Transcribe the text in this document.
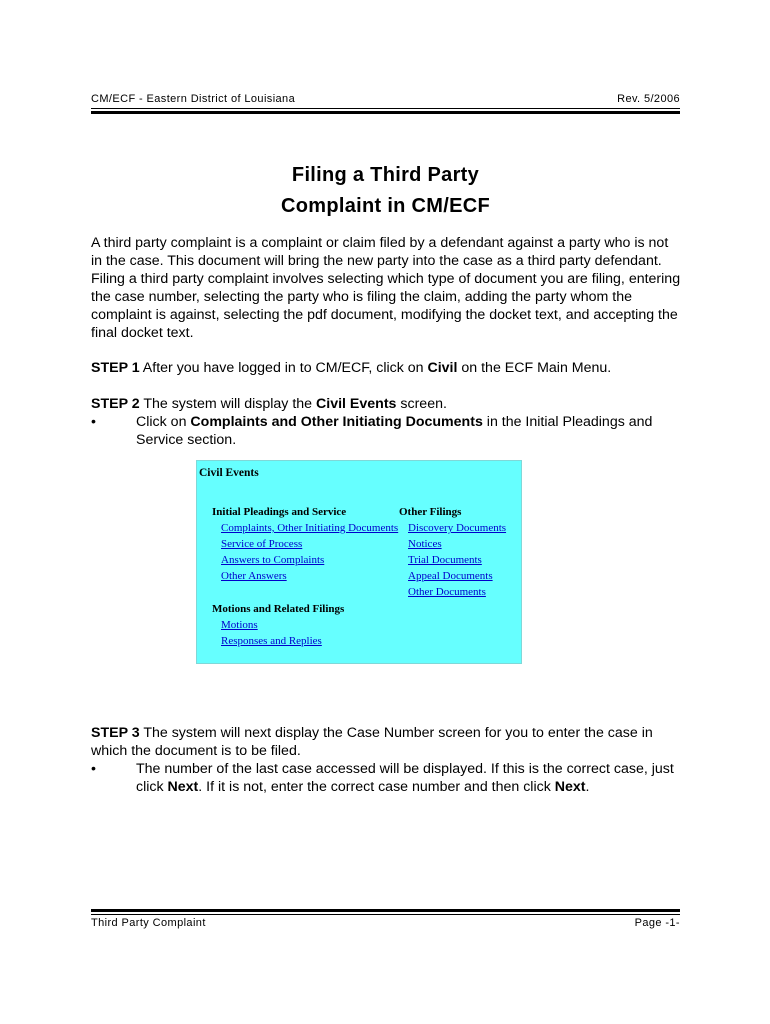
CM/ECF - Eastern District of Louisiana	Rev. 5/2006
Filing a Third Party
Complaint in CM/ECF
A third party complaint is a complaint or claim filed by a defendant against a party who is not in the case. This document will bring the new party into the case as a third party defendant. Filing a third party complaint involves selecting which type of document you are filing, entering the case number, selecting the party who is filing the claim, adding the party whom the complaint is against, selecting the pdf document, modifying the docket text, and accepting the final docket text.
STEP 1 After you have logged in to CM/ECF, click on Civil on the ECF Main Menu.
STEP 2 The system will display the Civil Events screen.
•	Click on Complaints and Other Initiating Documents in the Initial Pleadings and Service section.
Civil Events
Initial Pleadings and Service
Complaints, Other Initiating Documents
Service of Process
Answers to Complaints
Other Answers
Motions and Related Filings
Motions
Responses and Replies
Other Filings
Discovery Documents
Notices
Trial Documents
Appeal Documents
Other Documents
STEP 3 The system will next display the Case Number screen for you to enter the case in which the document is to be filed.
•	The number of the last case accessed will be displayed. If this is the correct case, just click Next. If it is not, enter the correct case number and then click Next.
Third Party Complaint	Page -1-
